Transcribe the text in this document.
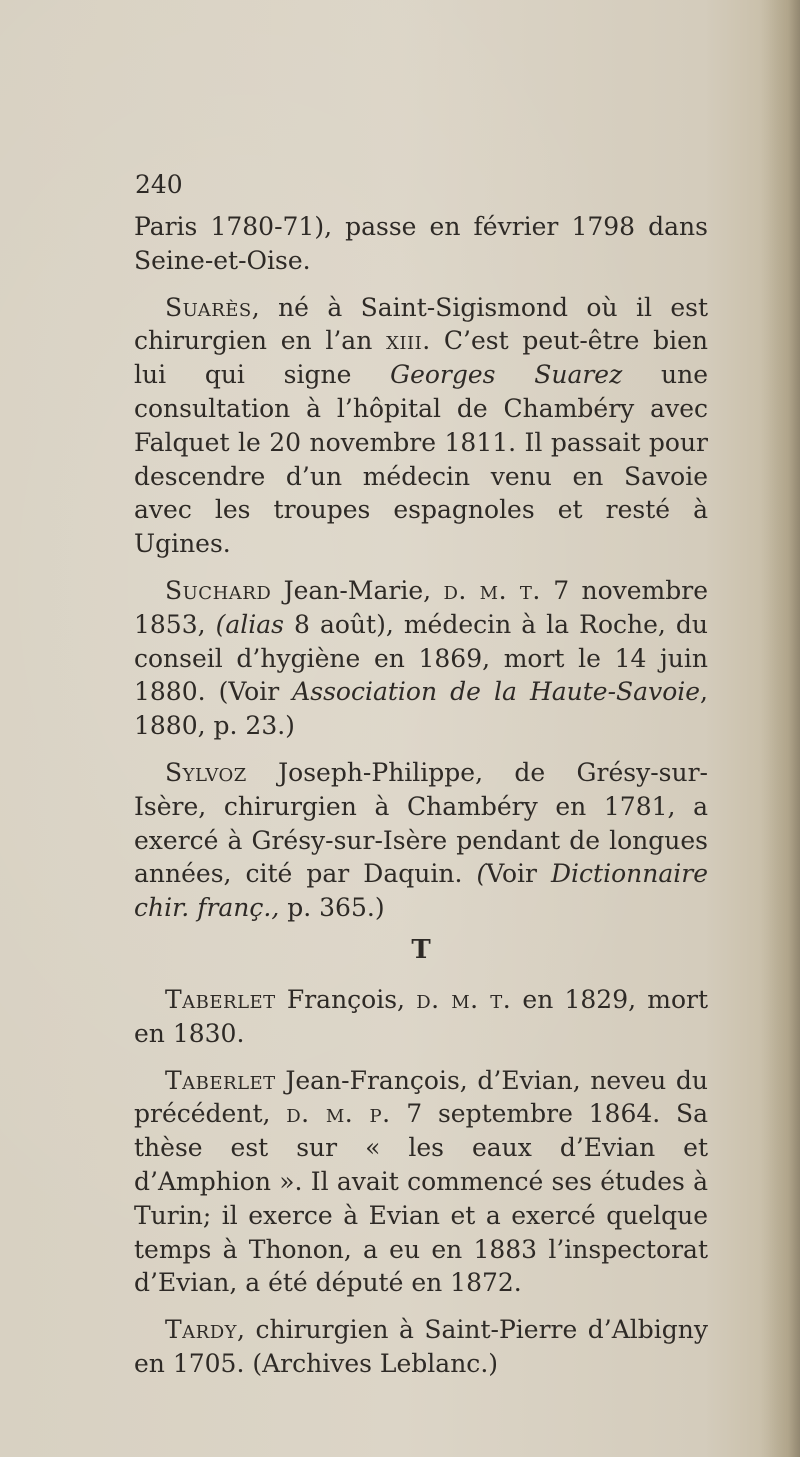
240

Paris 1780-71), passe en février 1798 dans Seine-et-Oise.

Suarès, né à Saint-Sigismond où il est chirurgien en l’an xiii. C’est peut-être bien lui qui signe Georges Suarez une consultation à l’hôpital de Chambéry avec Falquet le 20 novembre 1811. Il passait pour descendre d’un médecin venu en Savoie avec les troupes espagnoles et resté à Ugines.

Suchard Jean-Marie, d. m. t. 7 novembre 1853, (alias 8 août), médecin à la Roche, du conseil d’hygiène en 1869, mort le 14 juin 1880. (Voir Association de la Haute-Savoie, 1880, p. 23.)

Sylvoz Joseph-Philippe, de Grésy-sur-Isère, chirurgien à Chambéry en 1781, a exercé à Grésy-sur-Isère pendant de longues années, cité par Daquin. (Voir Dictionnaire chir. franç., p. 365.)

T

Taberlet François, d. m. t. en 1829, mort en 1830.

Taberlet Jean-François, d’Evian, neveu du précédent, d. m. p. 7 septembre 1864. Sa thèse est sur « les eaux d’Evian et d’Amphion ». Il avait commencé ses études à Turin; il exerce à Evian et a exercé quelque temps à Thonon, a eu en 1883 l’inspectorat d’Evian, a été député en 1872.

Tardy, chirurgien à Saint-Pierre d’Albigny en 1705. (Archives Leblanc.)
